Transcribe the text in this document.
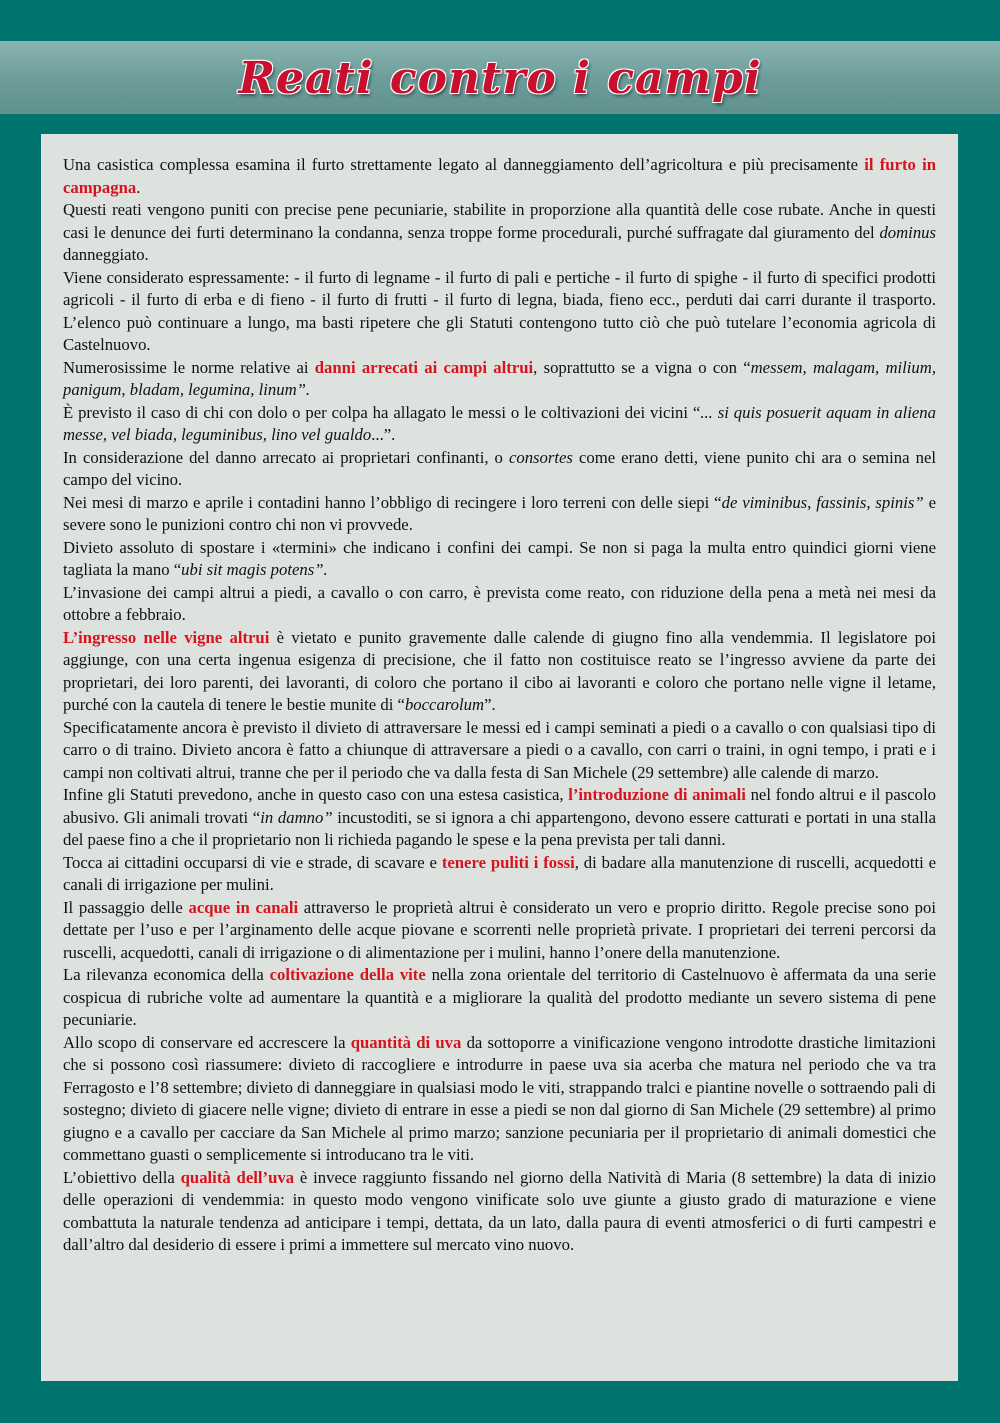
Reati contro i campi

Una casistica complessa esamina il furto strettamente legato al danneggiamento dell’agricoltura e più precisamente il furto in campagna.

Questi reati vengono puniti con precise pene pecuniarie, stabilite in proporzione alla quantità delle cose rubate. Anche in questi casi le denunce dei furti determinano la condanna, senza troppe forme procedurali, purché suffragate dal giuramento del dominus danneggiato.

Viene considerato espressamente: - il furto di legname - il furto di pali e pertiche - il furto di spighe - il furto di specifici prodotti agricoli - il furto di erba e di fieno - il furto di frutti - il furto di legna, biada, fieno ecc., perduti dai carri durante il trasporto. L’elenco può continuare a lungo, ma basti ripetere che gli Statuti contengono tutto ciò che può tutelare l’economia agricola di Castelnuovo.

Numerosissime le norme relative ai danni arrecati ai campi altrui, soprattutto se a vigna o con “messem, malagam, milium, panigum, bladam, legumina, linum”.

È previsto il caso di chi con dolo o per colpa ha allagato le messi o le coltivazioni dei vicini “... si quis posuerit aquam in aliena messe, vel biada, leguminibus, lino vel gualdo...”.

In considerazione del danno arrecato ai proprietari confinanti, o consortes come erano detti, viene punito chi ara o semina nel campo del vicino.

Nei mesi di marzo e aprile i contadini hanno l’obbligo di recingere i loro terreni con delle siepi “de viminibus, fassinis, spinis” e severe sono le punizioni contro chi non vi provvede.

Divieto assoluto di spostare i «termini» che indicano i confini dei campi. Se non si paga la multa entro quindici giorni viene tagliata la mano “ubi sit magis potens”.

L’invasione dei campi altrui a piedi, a cavallo o con carro, è prevista come reato, con riduzione della pena a metà nei mesi da ottobre a febbraio.

L’ingresso nelle vigne altrui è vietato e punito gravemente dalle calende di giugno fino alla vendemmia. Il legislatore poi aggiunge, con una certa ingenua esigenza di precisione, che il fatto non costituisce reato se l’ingresso avviene da parte dei proprietari, dei loro parenti, dei lavoranti, di coloro che portano il cibo ai lavoranti e coloro che portano nelle vigne il letame, purché con la cautela di tenere le bestie munite di “boccarolum”.

Specificatamente ancora è previsto il divieto di attraversare le messi ed i campi seminati a piedi o a cavallo o con qualsiasi tipo di carro o di traino. Divieto ancora è fatto a chiunque di attraversare a piedi o a cavallo, con carri o traini, in ogni tempo, i prati e i campi non coltivati altrui, tranne che per il periodo che va dalla festa di San Michele (29 settembre) alle calende di marzo.

Infine gli Statuti prevedono, anche in questo caso con una estesa casistica, l’introduzione di animali nel fondo altrui e il pascolo abusivo. Gli animali trovati “in damno” incustoditi, se si ignora a chi appartengono, devono essere catturati e portati in una stalla del paese fino a che il proprietario non li richieda pagando le spese e la pena prevista per tali danni.

Tocca ai cittadini occuparsi di vie e strade, di scavare e tenere puliti i fossi, di badare alla manutenzione di ruscelli, acquedotti e canali di irrigazione per mulini.

Il passaggio delle acque in canali attraverso le proprietà altrui è considerato un vero e proprio diritto. Regole precise sono poi dettate per l’uso e per l’arginamento delle acque piovane e scorrenti nelle proprietà private. I proprietari dei terreni percorsi da ruscelli, acquedotti, canali di irrigazione o di alimentazione per i mulini, hanno l’onere della manutenzione.

La rilevanza economica della coltivazione della vite nella zona orientale del territorio di Castelnuovo è affermata da una serie cospicua di rubriche volte ad aumentare la quantità e a migliorare la qualità del prodotto mediante un severo sistema di pene pecuniarie.

Allo scopo di conservare ed accrescere la quantità di uva da sottoporre a vinificazione vengono introdotte drastiche limitazioni che si possono così riassumere: divieto di raccogliere e introdurre in paese uva sia acerba che matura nel periodo che va tra Ferragosto e l’8 settembre; divieto di danneggiare in qualsiasi modo le viti, strappando tralci e piantine novelle o sottraendo pali di sostegno; divieto di giacere nelle vigne; divieto di entrare in esse a piedi se non dal giorno di San Michele (29 settembre) al primo giugno e a cavallo per cacciare da San Michele al primo marzo; sanzione pecuniaria per il proprietario di animali domestici che commettano guasti o semplicemente si introducano tra le viti.

L’obiettivo della qualità dell’uva è invece raggiunto fissando nel giorno della Natività di Maria (8 settembre) la data di inizio delle operazioni di vendemmia: in questo modo vengono vinificate solo uve giunte a giusto grado di maturazione e viene combattuta la naturale tendenza ad anticipare i tempi, dettata, da un lato, dalla paura di eventi atmosferici o di furti campestri e dall’altro dal desiderio di essere i primi a immettere sul mercato vino nuovo.
